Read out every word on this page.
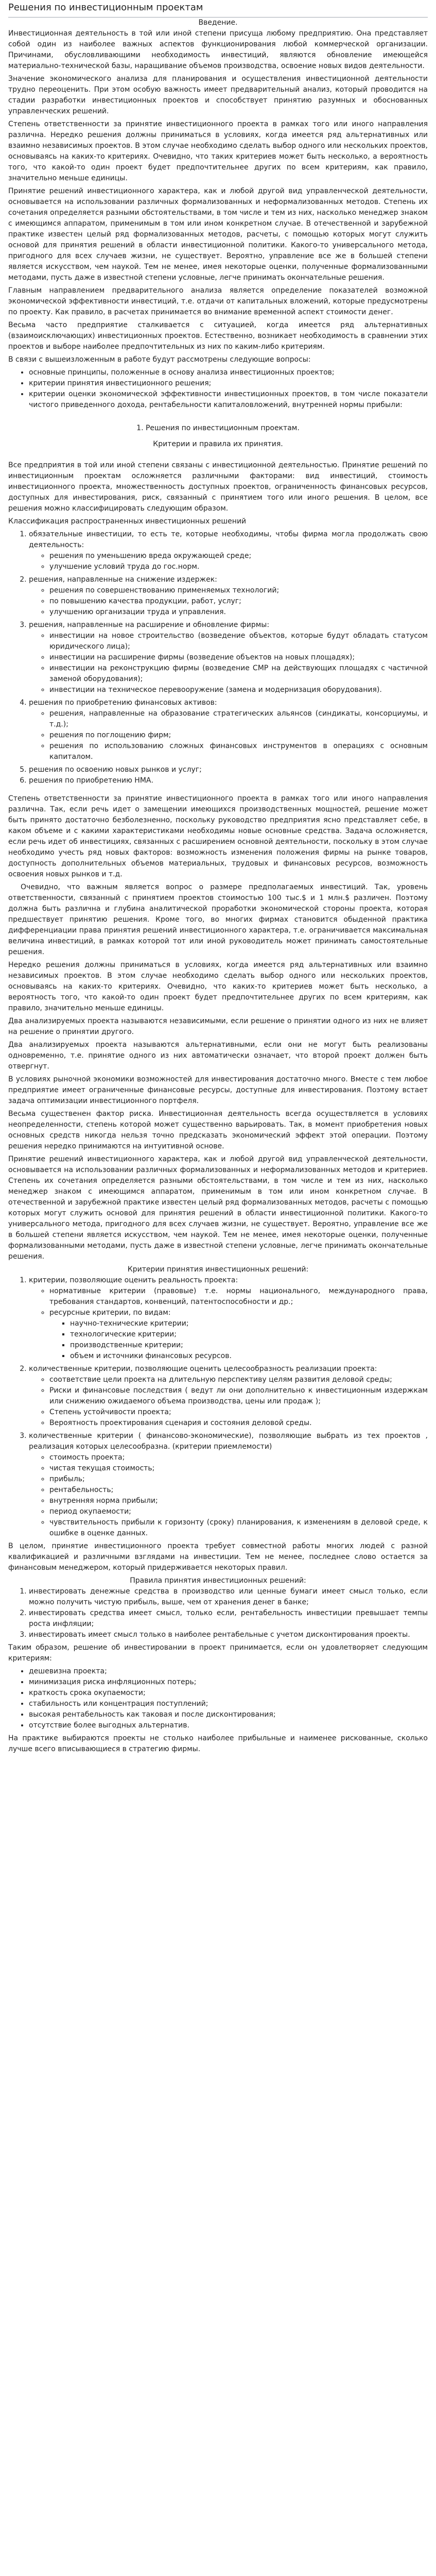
Решения по инвестиционным проектам

Введение.

Инвестиционная деятельность в той или иной степени присуща любому предприятию. Она представляет собой один из наиболее важных аспектов функционирования любой коммерческой организации. Причинами, обусловливающими необходимость инвестиций, являются обновление имеющейся материально-технической базы, наращивание объемов производства, освоение новых видов деятельности.

Значение экономического анализа для планирования и осуществления инвестиционной деятельности трудно переоценить. При этом особую важность имеет предварительный анализ, который проводится на стадии разработки инвестиционных проектов и способствует принятию разумных и обоснованных управленческих решений.

Степень ответственности за принятие инвестиционного проекта в рамках того или иного направления различна. Нередко решения должны приниматься в условиях, когда имеется ряд альтернативных или взаимно независимых проектов. В этом случае необходимо сделать выбор одного или нескольких проектов, основываясь на каких-то критериях. Очевидно, что таких критериев может быть несколько, а вероятность того, что какой-то один проект будет предпочтительнее других по всем критериям, как правило, значительно меньше единицы.

Принятие решений инвестиционного характера, как и любой другой вид управленческой деятельности, основывается на использовании различных формализованных и неформализованных методов. Степень их сочетания определяется разными обстоятельствами, в том числе и тем из них, насколько менеджер знаком с имеющимся аппаратом, применимым в том или ином конкретном случае. В отечественной и зарубежной практике известен целый ряд формализованных методов, расчеты, с помощью которых могут служить основой для принятия решений в области инвестиционной политики. Какого-то универсального метода, пригодного для всех случаев жизни, не существует. Вероятно, управление все же в большей степени является искусством, чем наукой. Тем не менее, имея некоторые оценки, полученные формализованными методами, пусть даже в известной степени условные, легче принимать окончательные решения.

Главным направлением предварительного анализа является определение показателей возможной экономической эффективности инвестиций, т.е. отдачи от капитальных вложений, которые предусмотрены по проекту. Как правило, в расчетах принимается во внимание временной аспект стоимости денег.

Весьма часто предприятие сталкивается с ситуацией, когда имеется ряд альтернативных (взаимоисключающих) инвестиционных проектов. Естественно, возникает необходимость в сравнении этих проектов и выборе наиболее предпочтительных из них по каким-либо критериям.

В связи с вышеизложенным в работе будут рассмотрены следующие вопросы:

• основные принципы, положенные в основу анализа инвестиционных проектов;
• критерии принятия инвестиционного решения;
• критерии оценки экономической эффективности инвестиционных проектов, в том числе показатели чистого приведенного дохода, рентабельности капиталовложений, внутренней нормы прибыли:

1. Решения по инвестиционным проектам.

Критерии и правила их принятия.

Все предприятия в той или иной степени связаны с инвестиционной деятельностью. Принятие решений по инвестиционным проектам осложняется различными факторами: вид инвестиций, стоимость инвестиционного проекта, множественность доступных проектов, ограниченность финансовых ресурсов, доступных для инвестирования, риск, связанный с принятием того или иного решения. В целом, все решения можно классифицировать следующим образом.

Классификация распространенных инвестиционных решений

1. обязательные инвестиции, то есть те, которые необходимы, чтобы фирма могла продолжать свою деятельность:
◦ решения по уменьшению вреда окружающей среде;
◦ улучшение условий труда до гос.норм.
2. решения, направленные на снижение издержек:
◦ решения по совершенствованию применяемых технологий;
◦ по повышению качества продукции, работ, услуг;
◦ улучшению организации труда и управления.
3. решения, направленные на расширение и обновление фирмы:
◦ инвестиции на новое строительство (возведение объектов, которые будут обладать статусом юридического лица);
◦ инвестиции на расширение фирмы (возведение объектов на новых площадях);
◦ инвестиции на реконструкцию фирмы (возведение СМР на действующих площадях с частичной заменой оборудования);
◦ инвестиции на техническое перевооружение (замена и модернизация оборудования).
4. решения по приобретению финансовых активов:
◦ решения, направленные на образование стратегических альянсов (синдикаты, консорциумы, и т.д.);
◦ решения по поглощению фирм;
◦ решения по использованию сложных финансовых инструментов в операциях с основным капиталом.
5. решения по освоению новых рынков и услуг;
6. решения по приобретению НМА.

Степень ответственности за принятие инвестиционного проекта в рамках того или иного направления различна. Так, если речь идет о замещении имеющихся производственных мощностей, решение может быть принято достаточно безболезненно, поскольку руководство предприятия ясно представляет себе, в каком объеме и с какими характеристиками необходимы новые основные средства. Задача осложняется, если речь идет об инвестициях, связанных с расширением основной деятельности, поскольку в этом случае необходимо учесть ряд новых факторов: возможность изменения положения фирмы на рынке товаров, доступность дополнительных объемов материальных, трудовых и финансовых ресурсов, возможность освоения новых рынков и т.д.

Очевидно, что важным является вопрос о размере предполагаемых инвестиций. Так, уровень ответственности, связанный с принятием проектов стоимостью 100 тыс.$ и 1 млн.$ различен. Поэтому должна быть различна и глубина аналитической проработки экономической стороны проекта, которая предшествует принятию решения. Кроме того, во многих фирмах становится обыденной практика дифференциации права принятия решений инвестиционного характера, т.е. ограничивается максимальная величина инвестиций, в рамках которой тот или иной руководитель может принимать самостоятельные решения.

Нередко решения должны приниматься в условиях, когда имеется ряд альтернативных или взаимно независимых проектов. В этом случае необходимо сделать выбор одного или нескольких проектов, основываясь на каких-то критериях. Очевидно, что каких-то критериев может быть несколько, а вероятность того, что какой-то один проект будет предпочтительнее других по всем критериям, как правило, значительно меньше единицы.

Два анализируемых проекта называются независимыми, если решение о принятии одного из них не влияет на решение о принятии другого.

Два анализируемых проекта называются альтернативными, если они не могут быть реализованы одновременно, т.е. принятие одного из них автоматически означает, что второй проект должен быть отвергнут.

В условиях рыночной экономики возможностей для инвестирования достаточно много. Вместе с тем любое предприятие имеет ограниченные финансовые ресурсы, доступные для инвестирования. Поэтому встает задача оптимизации инвестиционного портфеля.

Весьма существенен фактор риска. Инвестиционная деятельность всегда осуществляется в условиях неопределенности, степень которой может существенно варьировать. Так, в момент приобретения новых основных средств никогда нельзя точно предсказать экономический эффект этой операции. Поэтому решения нередко принимаются на интуитивной основе.

Принятие решений инвестиционного характера, как и любой другой вид управленческой деятельности, основывается на использовании различных формализованных и неформализованных методов и критериев. Степень их сочетания определяется разными обстоятельствами, в том числе и тем из них, насколько менеджер знаком с имеющимся аппаратом, применимым в том или ином конкретном случае. В отечественной и зарубежной практике известен целый ряд формализованных методов, расчеты с помощью которых могут служить основой для принятия решений в области инвестиционной политики. Какого-то универсального метода, пригодного для всех случаев жизни, не существует. Вероятно, управление все же в большей степени является искусством, чем наукой. Тем не менее, имея некоторые оценки, полученные формализованными методами, пусть даже в известной степени условные, легче принимать окончательные решения.

Критерии принятия инвестиционных решений:

1. критерии, позволяющие оценить реальность проекта:
◦ нормативные критерии (правовые) т.е. нормы национального, международного права, требования стандартов, конвенций, патентоспособности и др.;
◦ ресурсные критерии, по видам:
▪ научно-технические критерии;
▪ технологические критерии;
▪ производственные критерии;
▪ объем и источники финансовых ресурсов.
2. количественные критерии, позволяющие оценить целесообразность реализации проекта:
◦ соответствие цели проекта на длительную перспективу целям развития деловой среды;
◦ Риски и финансовые последствия ( ведут ли они дополнительно к инвестиционным издержкам или снижению ожидаемого объема производства, цены или продаж );
◦ Степень устойчивости проекта;
◦ Вероятность проектирования сценария и состояния деловой среды.
3. количественные критерии ( финансово-экономические), позволяющие выбрать из тех проектов , реализация которых целесообразна. (критерии приемлемости)
◦ стоимость проекта;
◦ чистая текущая стоимость;
◦ прибыль;
◦ рентабельность;
◦ внутренняя норма прибыли;
◦ период окупаемости;
◦ чувствительность прибыли к горизонту (сроку) планирования, к изменениям в деловой среде, к ошибке в оценке данных.

В целом, принятие инвестиционного проекта требует совместной работы многих людей с разной квалификацией и различными взглядами на инвестиции. Тем не менее, последнее слово остается за финансовым менеджером, который придерживается некоторых правил.

Правила принятия инвестиционных решений:

1. инвестировать денежные средства в производство или ценные бумаги имеет смысл только, если можно получить чистую прибыль, выше, чем от хранения денег в банке;
2. инвестировать средства имеет смысл, только если, рентабельность инвестиции превышает темпы роста инфляции;
3. инвестировать имеет смысл только в наиболее рентабельные с учетом дисконтирования проекты.

Таким образом, решение об инвестировании в проект принимается, если он удовлетворяет следующим критериям:

• дешевизна проекта;
• минимизация риска инфляционных потерь;
• краткость срока окупаемости;
• стабильность или концентрация поступлений;
• высокая рентабельность как таковая и после дисконтирования;
• отсутствие более выгодных альтернатив.

На практике выбираются проекты не столько наиболее прибыльные и наименее рискованные, сколько лучше всего вписывающиеся в стратегию фирмы.
